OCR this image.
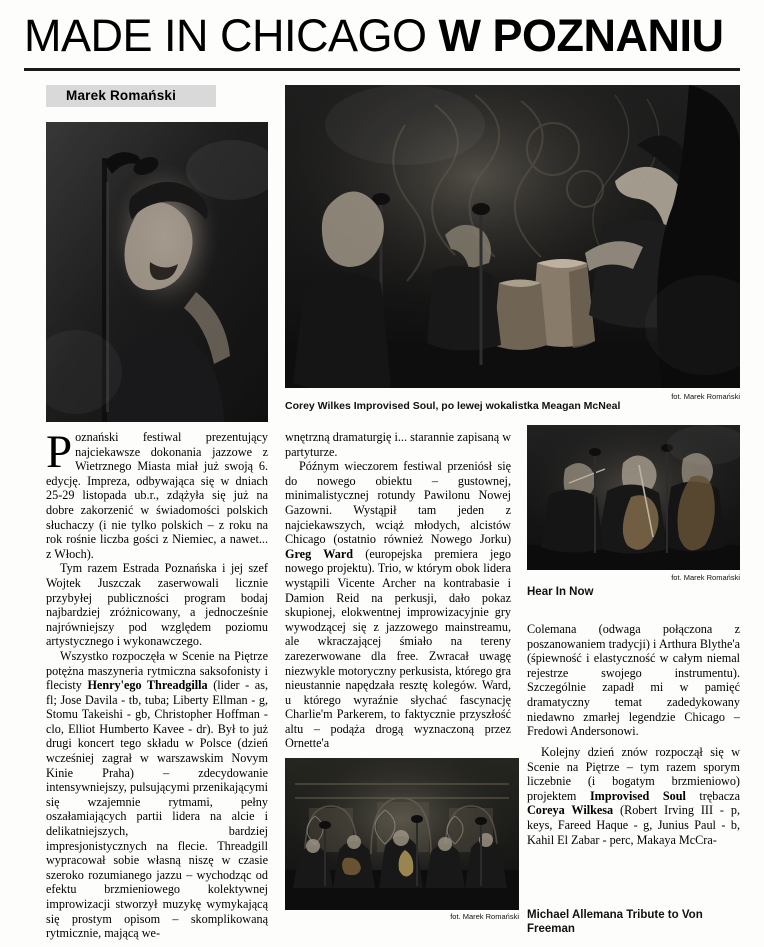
MADE IN CHICAGO W POZNANIU
Marek Romański
fot. Marek Romański
Corey Wilkes Improvised Soul, po lewej wokalistka Meagan McNeal
fot. Marek Romański
Hear In Now
fot. Marek Romański Michael Allemana Tribute to Von Freeman

Poznański festiwal prezentujący najciekawsze dokonania jazzowe z Wietrznego Miasta miał już swoją 6. edycję. Impreza, odbywająca się w dniach 25-29 listopada ub.r., zdążyła się już na dobre zakorzenić w świadomości polskich słuchaczy (i nie tylko polskich – z roku na rok rośnie liczba gości z Niemiec, a nawet... z Włoch).

Tym razem Estrada Poznańska i jej szef Wojtek Juszczak zaserwowali licznie przybyłej publiczności program bodaj najbardziej zróżnicowany, a jednocześnie najrówniejszy pod względem poziomu artystycznego i wykonawczego.

Wszystko rozpoczęła w Scenie na Piętrze potężna maszyneria rytmiczna saksofonisty i flecisty Henry'ego Threadgilla (lider - as, fl; Jose Davila - tb, tuba; Liberty Ellman - g, Stomu Takeishi - gb, Christopher Hoffman - clo, Elliot Humberto Kavee - dr). Był to już drugi koncert tego składu w Polsce (dzień wcześniej zagrał w warszawskim Novym Kinie Praha) – zdecydowanie intensywniejszy, pulsującymi przenikającymi się wzajemnie rytmami, pełny oszałamiających partii lidera na alcie i delikatniejszych, bardziej impresjonistycznych na flecie. Threadgill wypracował sobie własną niszę w czasie szeroko rozumianego jazzu – wychodząc od efektu brzmieniowego kolektywnej improwizacji stworzył muzykę wymykającą się prostym opisom – skomplikowaną rytmicznie, mającą we-

wnętrzną dramaturgię i... starannie zapisaną w partyturze.

Późnym wieczorem festiwal przeniósł się do nowego obiektu – gustownej, minimalistycznej rotundy Pawilonu Nowej Gazowni. Wystąpił tam jeden z najciekawszych, wciąż młodych, alcistów Chicago (ostatnio również Nowego Jorku) Greg Ward (europejska premiera jego nowego projektu). Trio, w którym obok lidera wystąpili Vicente Archer na kontrabasie i Damion Reid na perkusji, dało pokaz skupionej, elokwentnej improwizacyjnie gry wywodzącej się z jazzowego mainstreamu, ale wkraczającej śmiało na tereny zarezerwowane dla free. Zwracał uwagę niezwykle motoryczny perkusista, którego gra nieustannie napędzała resztę kolegów. Ward, u którego wyraźnie słychać fascynację Charlie'm Parkerem, to faktycznie przyszłość altu – podąża drogą wyznaczoną przez Ornette'a

Colemana (odwaga połączona z poszanowaniem tradycji) i Arthura Blythe'a (śpiewność i elastyczność w całym niemal rejestrze swojego instrumentu). Szczególnie zapadł mi w pamięć dramatyczny temat zadedykowany niedawno zmarłej legendzie Chicago – Fredowi Andersonowi.

Kolejny dzień znów rozpoczął się w Scenie na Piętrze – tym razem sporym liczebnie (i bogatym brzmieniowo) projektem Improvised Soul trębacza Coreya Wilkesa (Robert Irving III - p, keys, Fareed Haque - g, Junius Paul - b, Kahil El Zabar - perc, Makaya McCra-
